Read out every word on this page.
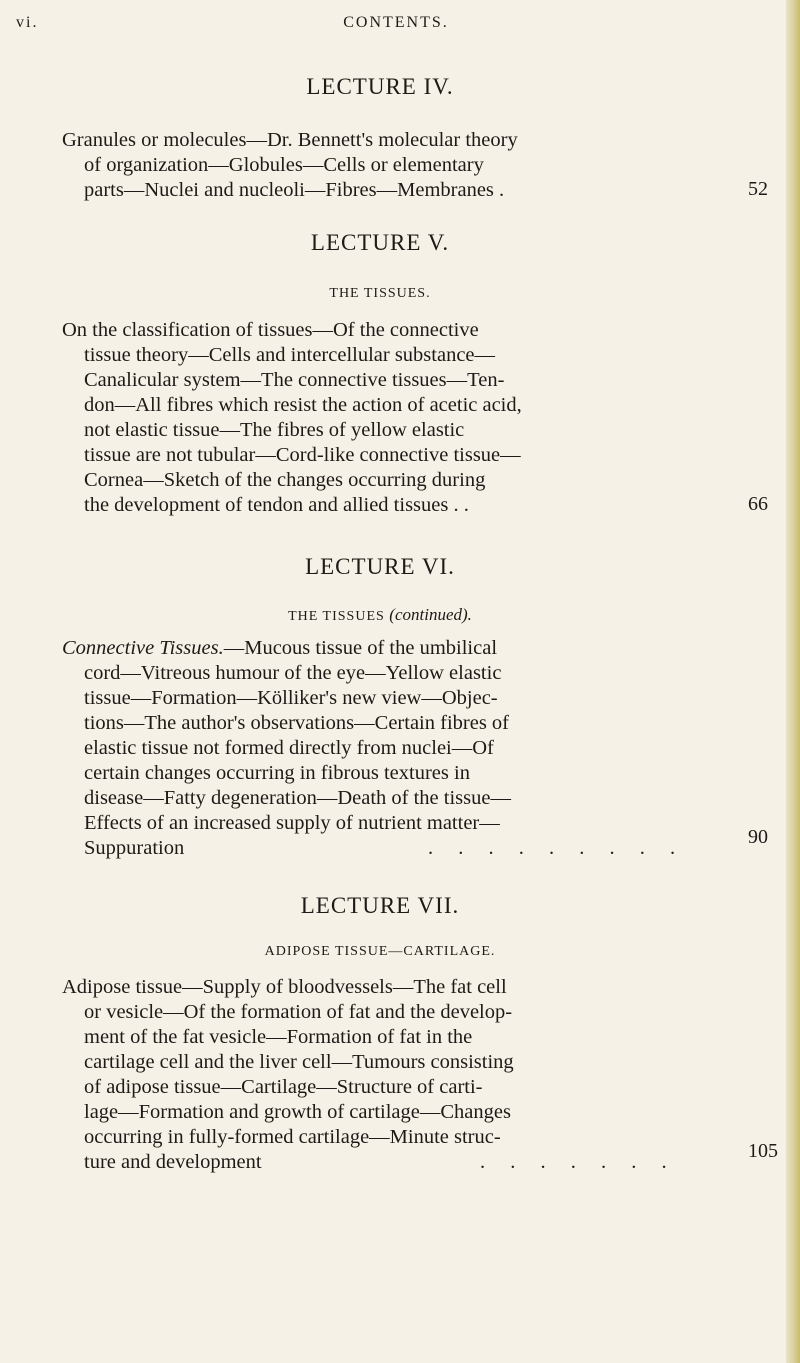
vi.	CONTENTS.
LECTURE IV.
Granules or molecules—Dr. Bennett's molecular theory
of organization—Globules—Cells or elementary
parts—Nuclei and nucleoli—Fibres—Membranes .	52
LECTURE V.
THE TISSUES.
On the classification of tissues—Of the connective
tissue theory—Cells and intercellular substance—
Canalicular system—The connective tissues—Ten-
don—All fibres which resist the action of acetic acid,
not elastic tissue—The fibres of yellow elastic
tissue are not tubular—Cord-like connective tissue—
Cornea—Sketch of the changes occurring during
the development of tendon and allied tissues . .	66
LECTURE VI.
THE TISSUES (continued).
Connective Tissues.—Mucous tissue of the umbilical
cord—Vitreous humour of the eye—Yellow elastic
tissue—Formation—Kölliker's new view—Objec-
tions—The author's observations—Certain fibres of
elastic tissue not formed directly from nuclei—Of
certain changes occurring in fibrous textures in
disease—Fatty degeneration—Death of the tissue—
Effects of an increased supply of nutrient matter—
Suppuration	. . . . . . . . .	90
LECTURE VII.
ADIPOSE TISSUE—CARTILAGE.
Adipose tissue—Supply of bloodvessels—The fat cell
or vesicle—Of the formation of fat and the develop-
ment of the fat vesicle—Formation of fat in the
cartilage cell and the liver cell—Tumours consisting
of adipose tissue—Cartilage—Structure of carti-
lage—Formation and growth of cartilage—Changes
occurring in fully-formed cartilage—Minute struc-
ture and development	. . . . . . .	105
